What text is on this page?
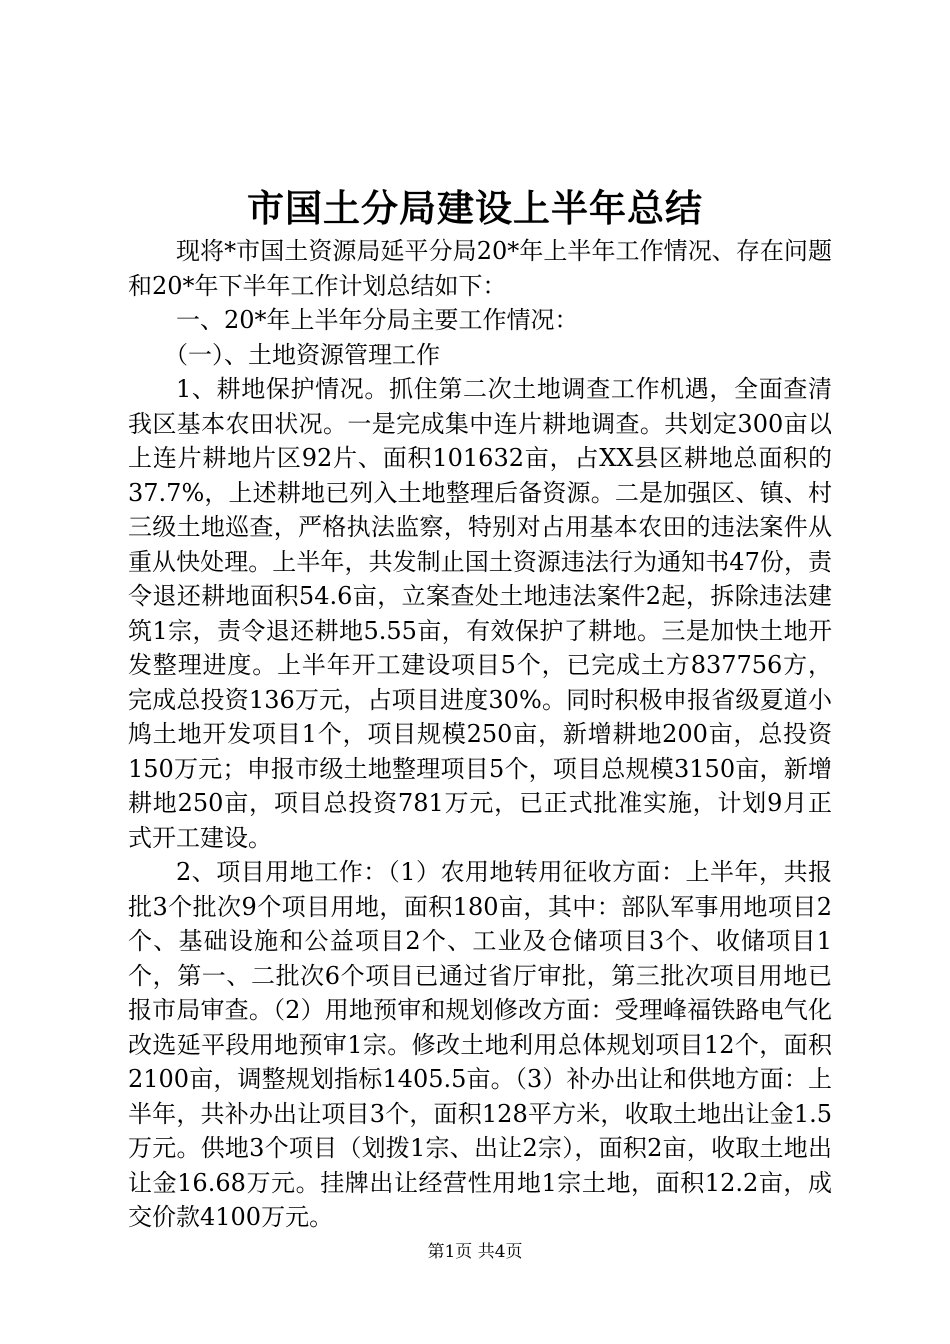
市国土分局建设上半年总结

现将*市国土资源局延平分局20*年上半年工作情况、存在问题和20*年下半年工作计划总结如下：

一、20*年上半年分局主要工作情况：

（一）、土地资源管理工作

1、耕地保护情况。抓住第二次土地调查工作机遇，全面查清我区基本农田状况。一是完成集中连片耕地调查。共划定300亩以上连片耕地片区92片、面积101632亩，占XX县区耕地总面积的37.7%，上述耕地已列入土地整理后备资源。二是加强区、镇、村三级土地巡查，严格执法监察，特别对占用基本农田的违法案件从重从快处理。上半年，共发制止国土资源违法行为通知书47份，责令退还耕地面积54.6亩，立案查处土地违法案件2起，拆除违法建筑1宗，责令退还耕地5.55亩，有效保护了耕地。三是加快土地开发整理进度。上半年开工建设项目5个，已完成土方837756方，完成总投资136万元，占项目进度30%。同时积极申报省级夏道小鸠土地开发项目1个，项目规模250亩，新增耕地200亩，总投资150万元；申报市级土地整理项目5个，项目总规模3150亩，新增耕地250亩，项目总投资781万元，已正式批准实施，计划9月正式开工建设。

2、项目用地工作：（1）农用地转用征收方面：上半年，共报批3个批次9个项目用地，面积180亩，其中：部队军事用地项目2个、基础设施和公益项目2个、工业及仓储项目3个、收储项目1个，第一、二批次6个项目已通过省厅审批，第三批次项目用地已报市局审查。（2）用地预审和规划修改方面：受理峰福铁路电气化改选延平段用地预审1宗。修改土地利用总体规划项目12个，面积2100亩，调整规划指标1405.5亩。（3）补办出让和供地方面：上半年，共补办出让项目3个，面积128平方米，收取土地出让金1.5万元。供地3个项目（划拨1宗、出让2宗），面积2亩，收取土地出让金16.68万元。挂牌出让经营性用地1宗土地，面积12.2亩，成交价款4100万元。

第1页 共4页
